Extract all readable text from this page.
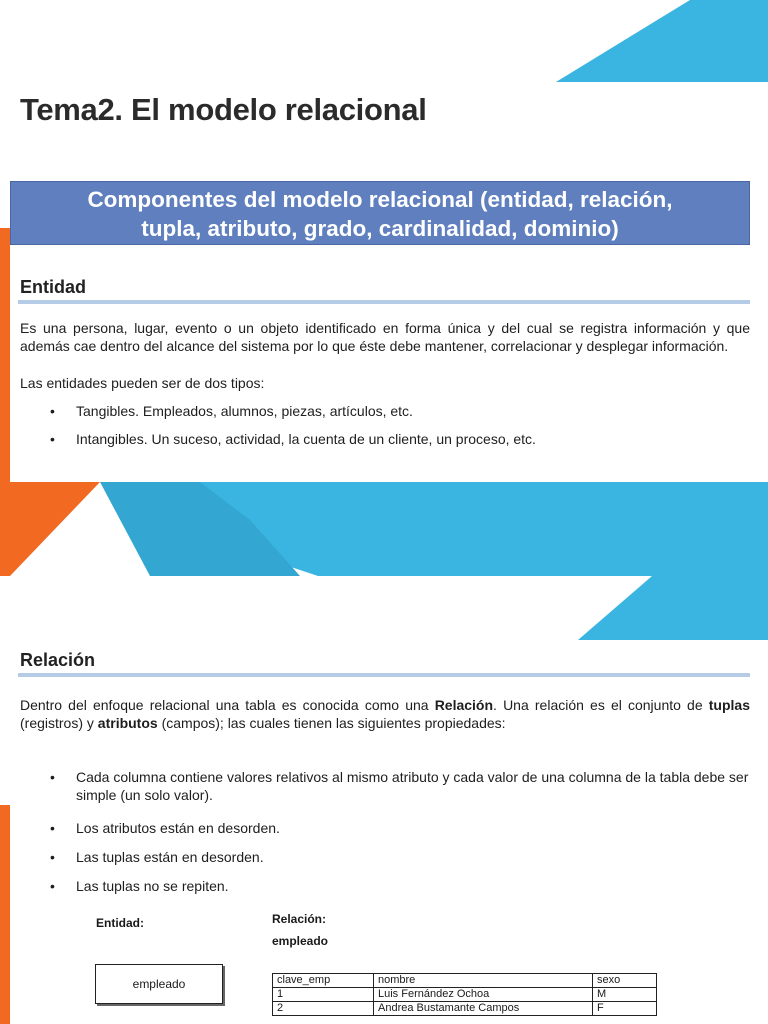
Tema2. El modelo relacional
Componentes del modelo relacional (entidad, relación,
tupla, atributo, grado, cardinalidad, dominio)
Entidad
Es una persona, lugar, evento o un objeto identificado en forma única y del cual se registra información y que además cae dentro del alcance del sistema por lo que éste debe mantener, correlacionar y desplegar información.
Las entidades pueden ser de dos tipos:
• Tangibles. Empleados, alumnos, piezas, artículos, etc.
• Intangibles. Un suceso, actividad, la cuenta de un cliente, un proceso, etc.
Relación
Dentro del enfoque relacional una tabla es conocida como una Relación. Una relación es el conjunto de tuplas (registros) y atributos (campos); las cuales tienen las siguientes propiedades:
• Cada columna contiene valores relativos al mismo atributo y cada valor de una columna de la tabla debe ser simple (un solo valor).
• Los atributos están en desorden.
• Las tuplas están en desorden.
• Las tuplas no se repiten.
Entidad:	Relación:
empleado
empleado	clave_emp	nombre	sexo
1	Luis Fernández Ochoa	M
2	Andrea Bustamante Campos	F
